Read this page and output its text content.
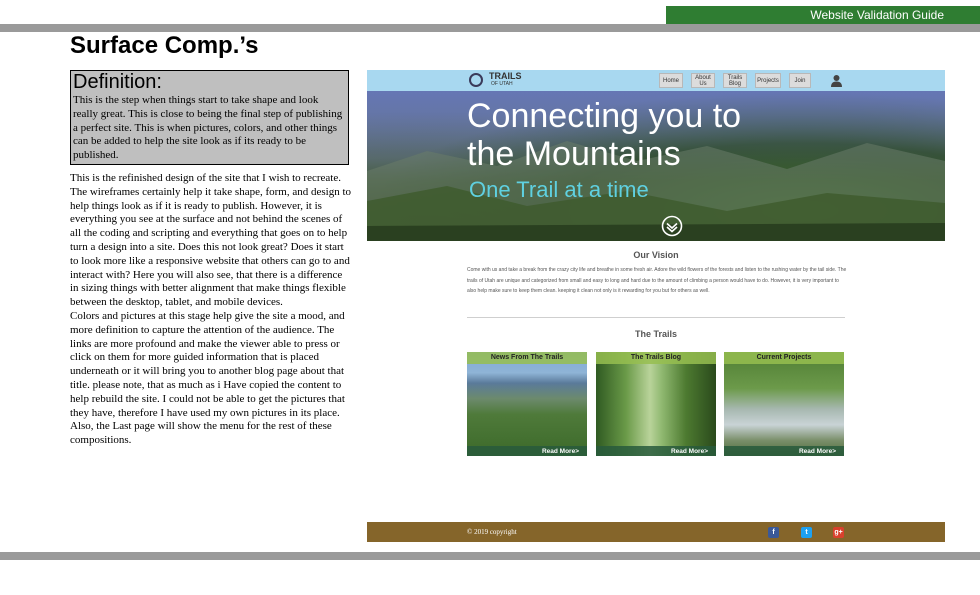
Website Validation Guide
Surface Comp.’s
Definition:
This is the step when things start to take shape and look really great. This is close to being the final step of publishing a perfect site. This is when pictures, colors, and other things can be added to help the site look as if its ready to be published.

This is the refinished design of the site that I wish to recreate. The wireframes certainly help it take shape, form, and design to help things look as if it is ready to publish. However, it is everything you see at the surface and not behind the scenes of all the coding and scripting and everything that goes on to help turn a design into a site. Does this not look great? Does it start to look more like a responsive website that others can go to and interact with? Here you will also see, that there is a difference in sizing things with better alignment that make things flexible between the desktop, tablet, and mobile devices.

Colors and pictures at this stage help give the site a mood, and more definition to capture the attention of the audience. The links are more profound and make the viewer able to press or click on them for more guided information that is placed underneath or it will bring you to another blog page about that title. please note, that as much as i Have copied the content to help rebuild the site. I could not be able to get the pictures that they have, therefore I have used my own pictures in its place. Also, the Last page will show the menu for the rest of these compositions.

TRAILS
OF UTAH
Home	About Us
Trails Blog	Projects	Join
Connecting you to
the Mountains
One Trail at a time
Our Vision
Come with us and take a break from the crazy city life and breathe in some fresh air. Adore the wild flowers of the forests and listen to the rushing water by the tail side. The trails of Utah are unique and categorized from small and easy to long and hard due to the amount of climbing a person would have to do. However, it is very important to also help make sure to keep them clean. keeping it clean not only is it rewarding for you but for others as well.
The Trails
News From The Trails
Read More>
The Trails Blog
Read More>
Current Projects
Read More>
© 2019 copyright	f	t	g+
